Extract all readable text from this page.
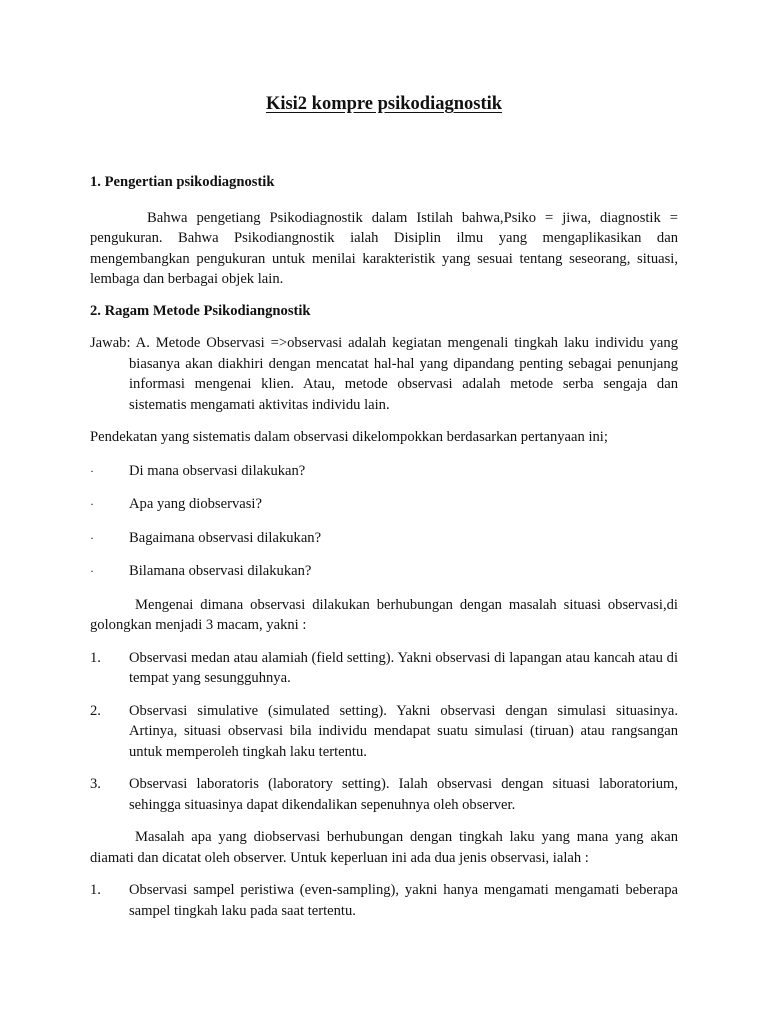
Kisi2 kompre psikodiagnostik

1. Pengertian psikodiagnostik

Bahwa pengetiang Psikodiagnostik dalam Istilah bahwa,Psiko = jiwa, diagnostik = pengukuran. Bahwa Psikodiangnostik ialah Disiplin ilmu yang mengaplikasikan dan mengembangkan pengukuran untuk menilai karakteristik yang sesuai tentang seseorang, situasi, lembaga dan berbagai objek lain.

2. Ragam Metode Psikodiangnostik

Jawab: A. Metode Observasi =>observasi adalah kegiatan mengenali tingkah laku individu yang biasanya akan diakhiri dengan mencatat hal-hal yang dipandang penting sebagai penunjang informasi mengenai klien. Atau, metode observasi adalah metode serba sengaja dan sistematis mengamati aktivitas individu lain.

Pendekatan yang sistematis dalam observasi dikelompokkan berdasarkan pertanyaan ini;

· Di mana observasi dilakukan?
· Apa yang diobservasi?
· Bagaimana observasi dilakukan?
· Bilamana observasi dilakukan?

Mengenai dimana observasi dilakukan berhubungan dengan masalah situasi observasi,di golongkan menjadi 3 macam, yakni :

1. Observasi medan atau alamiah (field setting). Yakni observasi di lapangan atau kancah atau di tempat yang sesungguhnya.
2. Observasi simulative (simulated setting). Yakni observasi dengan simulasi situasinya. Artinya, situasi observasi bila individu mendapat suatu simulasi (tiruan) atau rangsangan untuk memperoleh tingkah laku tertentu.
3. Observasi laboratoris (laboratory setting). Ialah observasi dengan situasi laboratorium, sehingga situasinya dapat dikendalikan sepenuhnya oleh observer.

Masalah apa yang diobservasi berhubungan dengan tingkah laku yang mana yang akan diamati dan dicatat oleh observer. Untuk keperluan ini ada dua jenis observasi, ialah :

1. Observasi sampel peristiwa (even-sampling), yakni hanya mengamati mengamati beberapa sampel tingkah laku pada saat tertentu.
